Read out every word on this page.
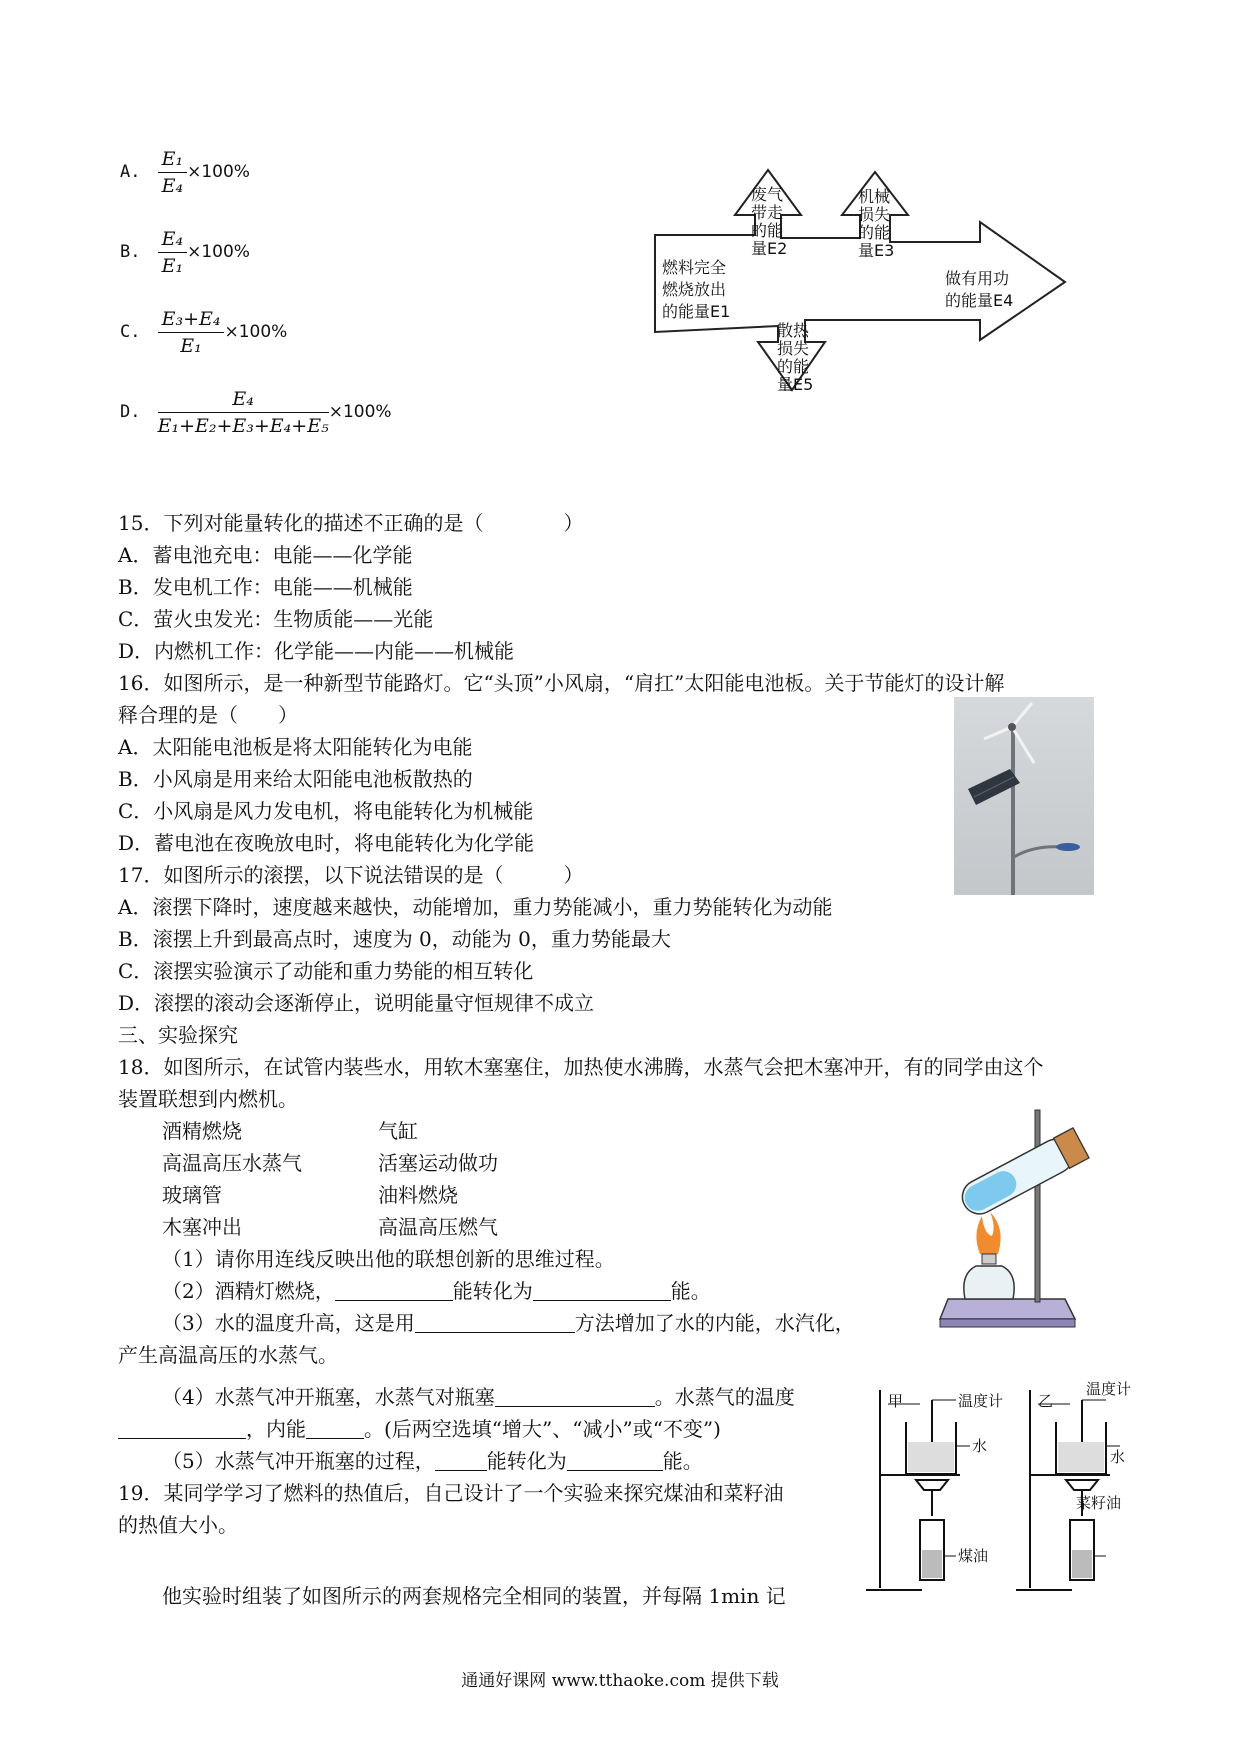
A. $\frac{\text{E₁}}{\text{E₄}} \times 100\%$
B. $\frac{\text{E₄}}{\text{E₁}} \times 100\%$
C. $\frac{\text{E₃+E₄}}{\text{E₁}} \times 100\%$
D. $\frac{\text{E₄}}{\text{E₁+E₂+E₃+E₄+E₅}} \times 100\%$
燃料完全
燃烧放出
的能量E1
废气
带走
的能
量E2
机械
损失
的能
量E3
做有用功
的能量E4
散热
损失
的能
量E5
15．下列对能量转化的描述不正确的是（　　　　）
A．蓄电池充电：电能——化学能
B．发电机工作：电能——机械能
C．萤火虫发光：生物质能——光能
D．内燃机工作：化学能——内能——机械能
16．如图所示，是一种新型节能路灯。它“头顶”小风扇，“肩扛”太阳能电池板。关于节能灯的设计解
释合理的是（　　）
A．太阳能电池板是将太阳能转化为电能
B．小风扇是用来给太阳能电池板散热的
C．小风扇是风力发电机，将电能转化为机械能
D．蓄电池在夜晚放电时，将电能转化为化学能
17．如图所示的滚摆，以下说法错误的是（　　　）
A．滚摆下降时，速度越来越快，动能增加，重力势能减小，重力势能转化为动能
B．滚摆上升到最高点时，速度为 0，动能为 0，重力势能最大
C．滚摆实验演示了动能和重力势能的相互转化
D．滚摆的滚动会逐渐停止，说明能量守恒规律不成立
三、实验探究
18．如图所示，在试管内装些水，用软木塞塞住，加热使水沸腾，水蒸气会把木塞冲开，有的同学由这个
装置联想到内燃机。
酒精燃烧	气缸
高温高压水蒸气	活塞运动做功
玻璃管	油料燃烧
木塞冲出	高温高压燃气
（1）请你用连线反映出他的联想创新的思维过程。
（2）酒精灯燃烧，	能转化为	能。
（3）水的温度升高，这是用	方法增加了水的内能，水汽化，
产生高温高压的水蒸气。
（4）水蒸气冲开瓶塞，水蒸气对瓶塞	。水蒸气的温度
，内能	。(后两空选填“增大”、“减小”或“不变”)
（5）水蒸气冲开瓶塞的过程，	能转化为	能。
19．某同学学习了燃料的热值后，自己设计了一个实验来探究煤油和菜籽油
的热值大小。
他实验时组装了如图所示的两套规格完全相同的装置，并每隔 1min 记
甲	温度计
水
煤油
乙
温度计
水
菜籽油
通通好课网 www.tthaoke.com 提供下载
